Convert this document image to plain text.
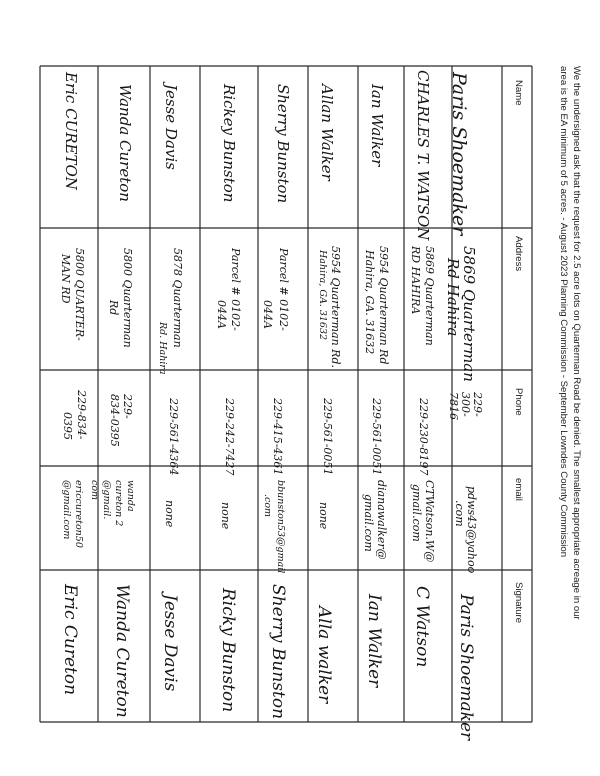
We the undersigned ask that the request for 2.5 acre lots on Quarterman Road be denied. The smallest appropriate acreage in our
area is the EA minimum of 5 acres. - August 2023 Planning Commission - September Lowndes County Commission
Name
Address
Phone
email
Signature
Paris Shoemaker
5869 Quarterman
Rd Hahira
229-
300-
7816
pdws43@yahoo
.com
Paris Shoemaker
CHARLES T. WATSON
5869 Quarterman
RD HAHIRA
229-230-8197
CTWatson.W@
gmail.com
C Watson
Ian Walker
5954 Quarterman Rd
Hahira, GA. 31632
229-561-0051
dianawalker@
gmail.com
Ian Walker
Allan Walker
5954 Quarterman Rd.
Hahira, GA. 31632
229-561-0051
none
Alla walker
Sherry Bunston
Parcel # 0102-
044A
229-415-4361
bbunston53@gmail
.com
Sherry Bunston
Rickey Bunston
Parcel # 0102-
044A
229-242-7427
none
Ricky Bunston
Jesse Davis
5878 Quarterman
Rd. Hahira
229-561-4364
none
Jesse Davis
Wanda Cureton
5800 Quarterman
Rd
229-
834-0395
wanda
cureton 2
@gmail.
com
Wanda Cureton
Eric CURETON
5800 QUARTER-
MAN RD
229-834-
0395
ericcureton50
@gmail.com
Eric Cureton
